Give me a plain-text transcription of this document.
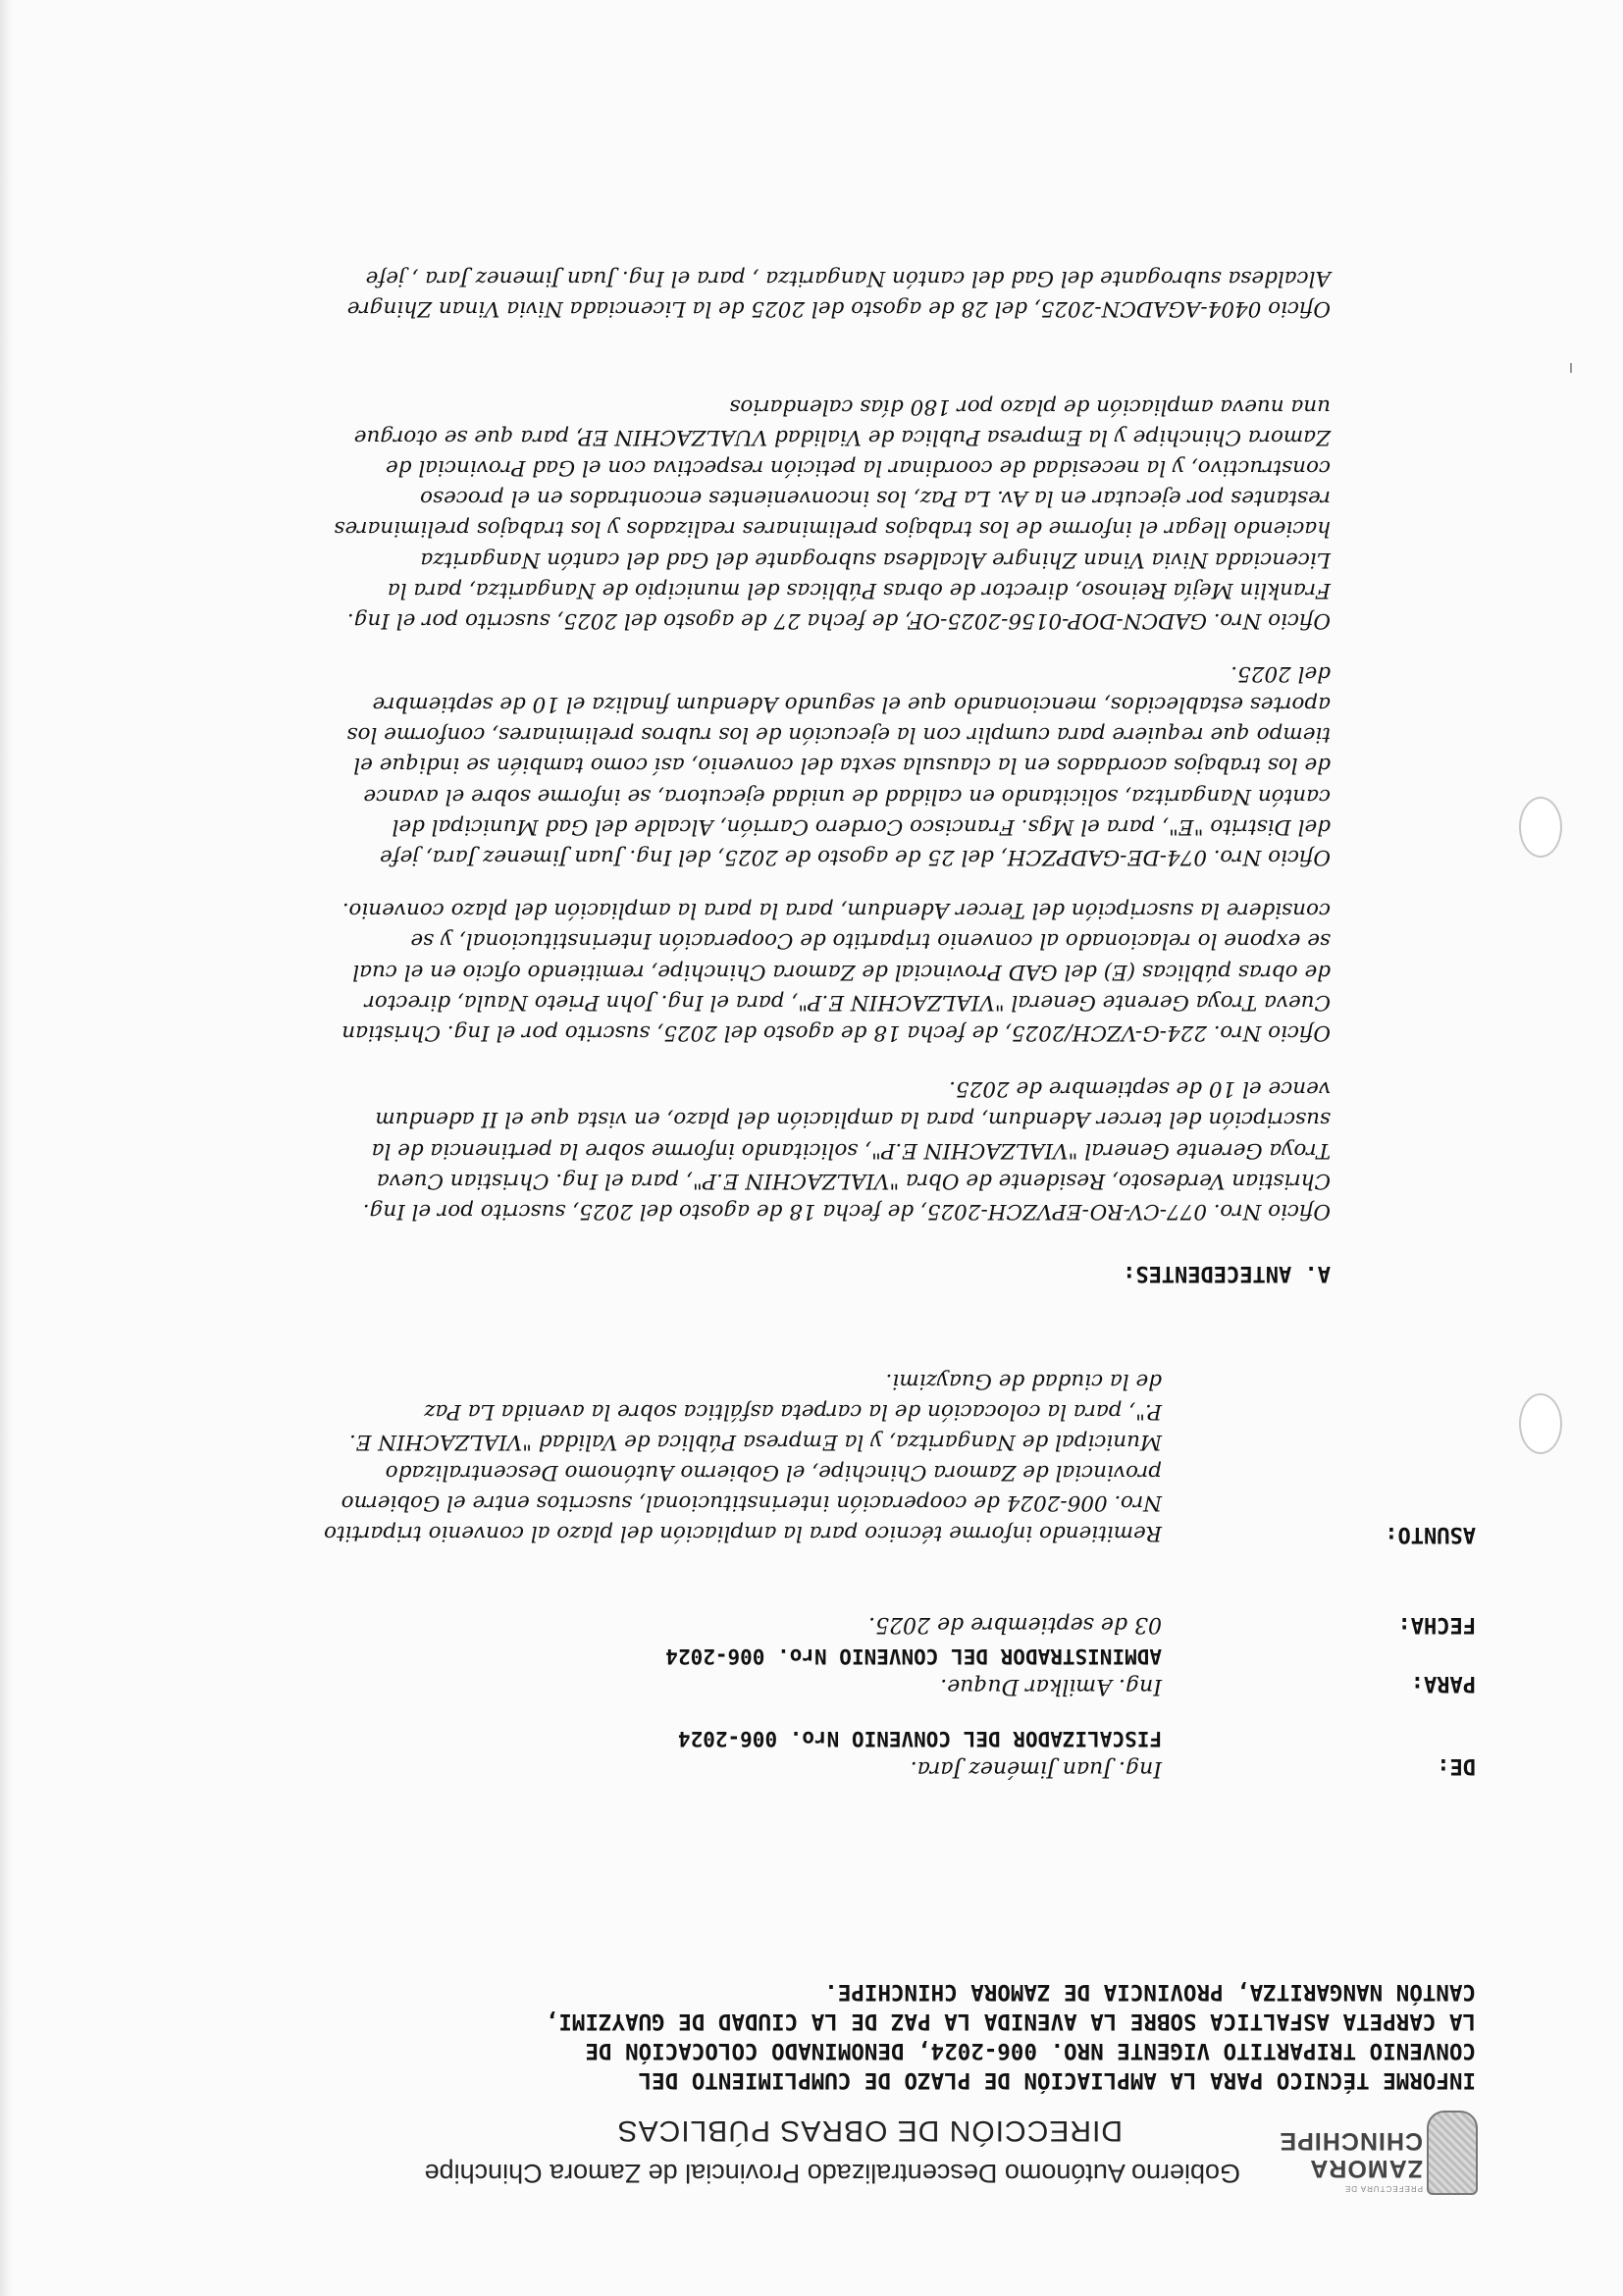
PREFECTURA DE
ZAMORA
CHINCHIPE
Gobierno Autónomo Descentralizado Provincial de Zamora Chinchipe
DIRECCIÓN DE OBRAS PÚBLICAS
INFORME TÉCNICO PARA LA AMPLIACIÓN DE PLAZO DE CUMPLIMIENTO DEL
CONVENIO TRIPARTITO VIGENTE NRO. 006-2024, DENOMINADO COLOCACIÓN DE
LA CARPETA ASFALTICA SOBRE LA AVENIDA LA PAZ DE LA CIUDAD DE GUAYZIMI,
CANTÓN NANGARITZA, PROVINCIA DE ZAMORA CHINCHIPE.
DE:
Ing. Juan Jiménez Jara.
FISCALIZADOR DEL CONVENIO Nro. 006-2024
PARA:
Ing. Amilkar Duque.
ADMINISTRADOR DEL CONVENIO Nro. 006-2024
FECHA:
03 de septiembre de 2025.
ASUNTO:
Remitiendo informe técnico para la ampliación del plazo al convenio tripartito
Nro. 006-2024 de cooperación interinstitucional, suscritos entre el Gobierno
provincial de Zamora Chinchipe, el Gobierno Autónomo Descentralizado
Municipal de Nangaritza, y la Empresa Pública de Validad "VIALZACHIN E.
P.", para la colocación de la carpeta asfáltica sobre la avenida La Paz
de la ciudad de Guayzimi.
A. ANTECEDENTES:
Oficio Nro. 077-CV-RO-EPVZCH-2025, de fecha 18 de agosto del 2025, suscrito por el Ing.
Christian Verdesoto, Residente de Obra "VIALZACHIN E.P", para el Ing. Christian Cueva
Troya Gerente General "VIALZACHIN E.P", solicitando informe sobre la pertinencia de la
suscripción del tercer Adendum, para la ampliación del plazo, en vista que el II adendum
vence el 10 de septiembre de 2025.
Oficio Nro. 224-G-VZCH/2025, de fecha 18 de agosto del 2025, suscrito por el Ing. Christian
Cueva Troya Gerente General "VIALZACHIN E.P", para el Ing. John Prieto Naula, director
de obras públicas (E) del GAD Provincial de Zamora Chinchipe, remitiendo oficio en el cual
se expone lo relacionado al convenio tripartito de Cooperación Interinstitucional, y se
considere la suscripción del Tercer Adendum, para la para la ampliación del plazo convenio.
Oficio Nro. 074-DE-GADPZCH, del 25 de agosto de 2025, del Ing. Juan Jimenez Jara, jefe
del Distrito "E", para el Mgs. Francisco Cordero Carrión, Alcalde del Gad Municipal del
cantón Nangaritza, solicitando en calidad de unidad ejecutora, se informe sobre el avance
de los trabajos acordados en la clausula sexta del convenio, así como también se indique el
tiempo que requiere para cumplir con la ejecución de los rubros preliminares, conforme los
aportes establecidos, mencionando que el segundo Adendum finaliza el 10 de septiembre
del 2025.
Oficio Nro. GADCN-DOP-0156-2025-OF, de fecha 27 de agosto del 2025, suscrito por el Ing.
Franklin Mejía Reinoso, director de obras Públicas del municipio de Nangaritza, para la
Licenciada Nivia Vinan Zhingre Alcaldesa subrogante del Gad del cantón Nangaritza
haciendo llegar el informe de los trabajos preliminares realizados y los trabajos preliminares
restantes por ejecutar en la Av. La Paz, los inconvenientes encontrados en el proceso
constructivo, y la necesidad de coordinar la petición respectiva con el Gad Provincial de
Zamora Chinchipe y la Empresa Publica de Vialidad VUALZACHIN EP, para que se otorgue
una nueva ampliación de plazo por 180 días calendarios
Oficio 0404-AGADCN-2025, del 28 de agosto del 2025 de la Licenciada Nivia Vinan Zhingre
Alcaldesa subrogante del Gad del cantón Nangaritza , para el Ing. Juan Jimenez Jara , jefe
